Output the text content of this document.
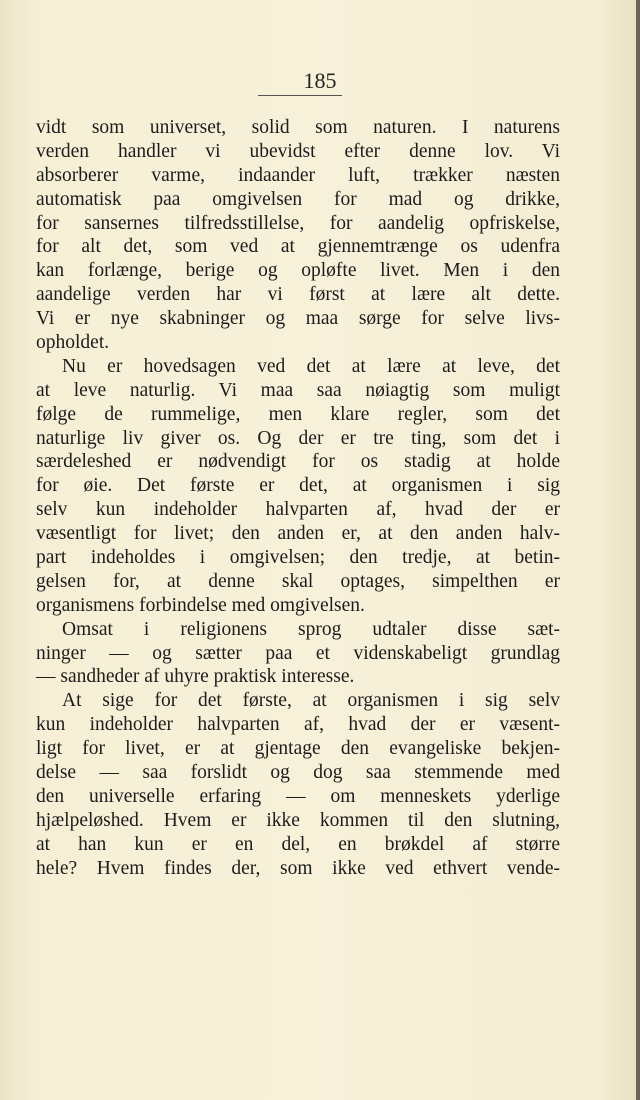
185
vidt som universet, solid som naturen. I naturens
verden handler vi ubevidst efter denne lov. Vi
absorberer varme, indaander luft, trækker næsten
automatisk paa omgivelsen for mad og drikke,
for sansernes tilfredsstillelse, for aandelig opfriskelse,
for alt det, som ved at gjennemtrænge os udenfra
kan forlænge, berige og opløfte livet. Men i den
aandelige verden har vi først at lære alt dette.
Vi er nye skabninger og maa sørge for selve livs-
opholdet.
Nu er hovedsagen ved det at lære at leve, det
at leve naturlig. Vi maa saa nøiagtig som muligt
følge de rummelige, men klare regler, som det
naturlige liv giver os. Og der er tre ting, som det i
særdeleshed er nødvendigt for os stadig at holde
for øie. Det første er det, at organismen i sig
selv kun indeholder halvparten af, hvad der er
væsentligt for livet; den anden er, at den anden halv-
part indeholdes i omgivelsen; den tredje, at betin-
gelsen for, at denne skal optages, simpelthen er
organismens forbindelse med omgivelsen.
Omsat i religionens sprog udtaler disse sæt-
ninger — og sætter paa et videnskabeligt grundlag
— sandheder af uhyre praktisk interesse.
At sige for det første, at organismen i sig selv
kun indeholder halvparten af, hvad der er væsent-
ligt for livet, er at gjentage den evangeliske bekjen-
delse — saa forslidt og dog saa stemmende med
den universelle erfaring — om menneskets yderlige
hjælpeløshed. Hvem er ikke kommen til den slutning,
at han kun er en del, en brøkdel af større
hele? Hvem findes der, som ikke ved ethvert vende-
